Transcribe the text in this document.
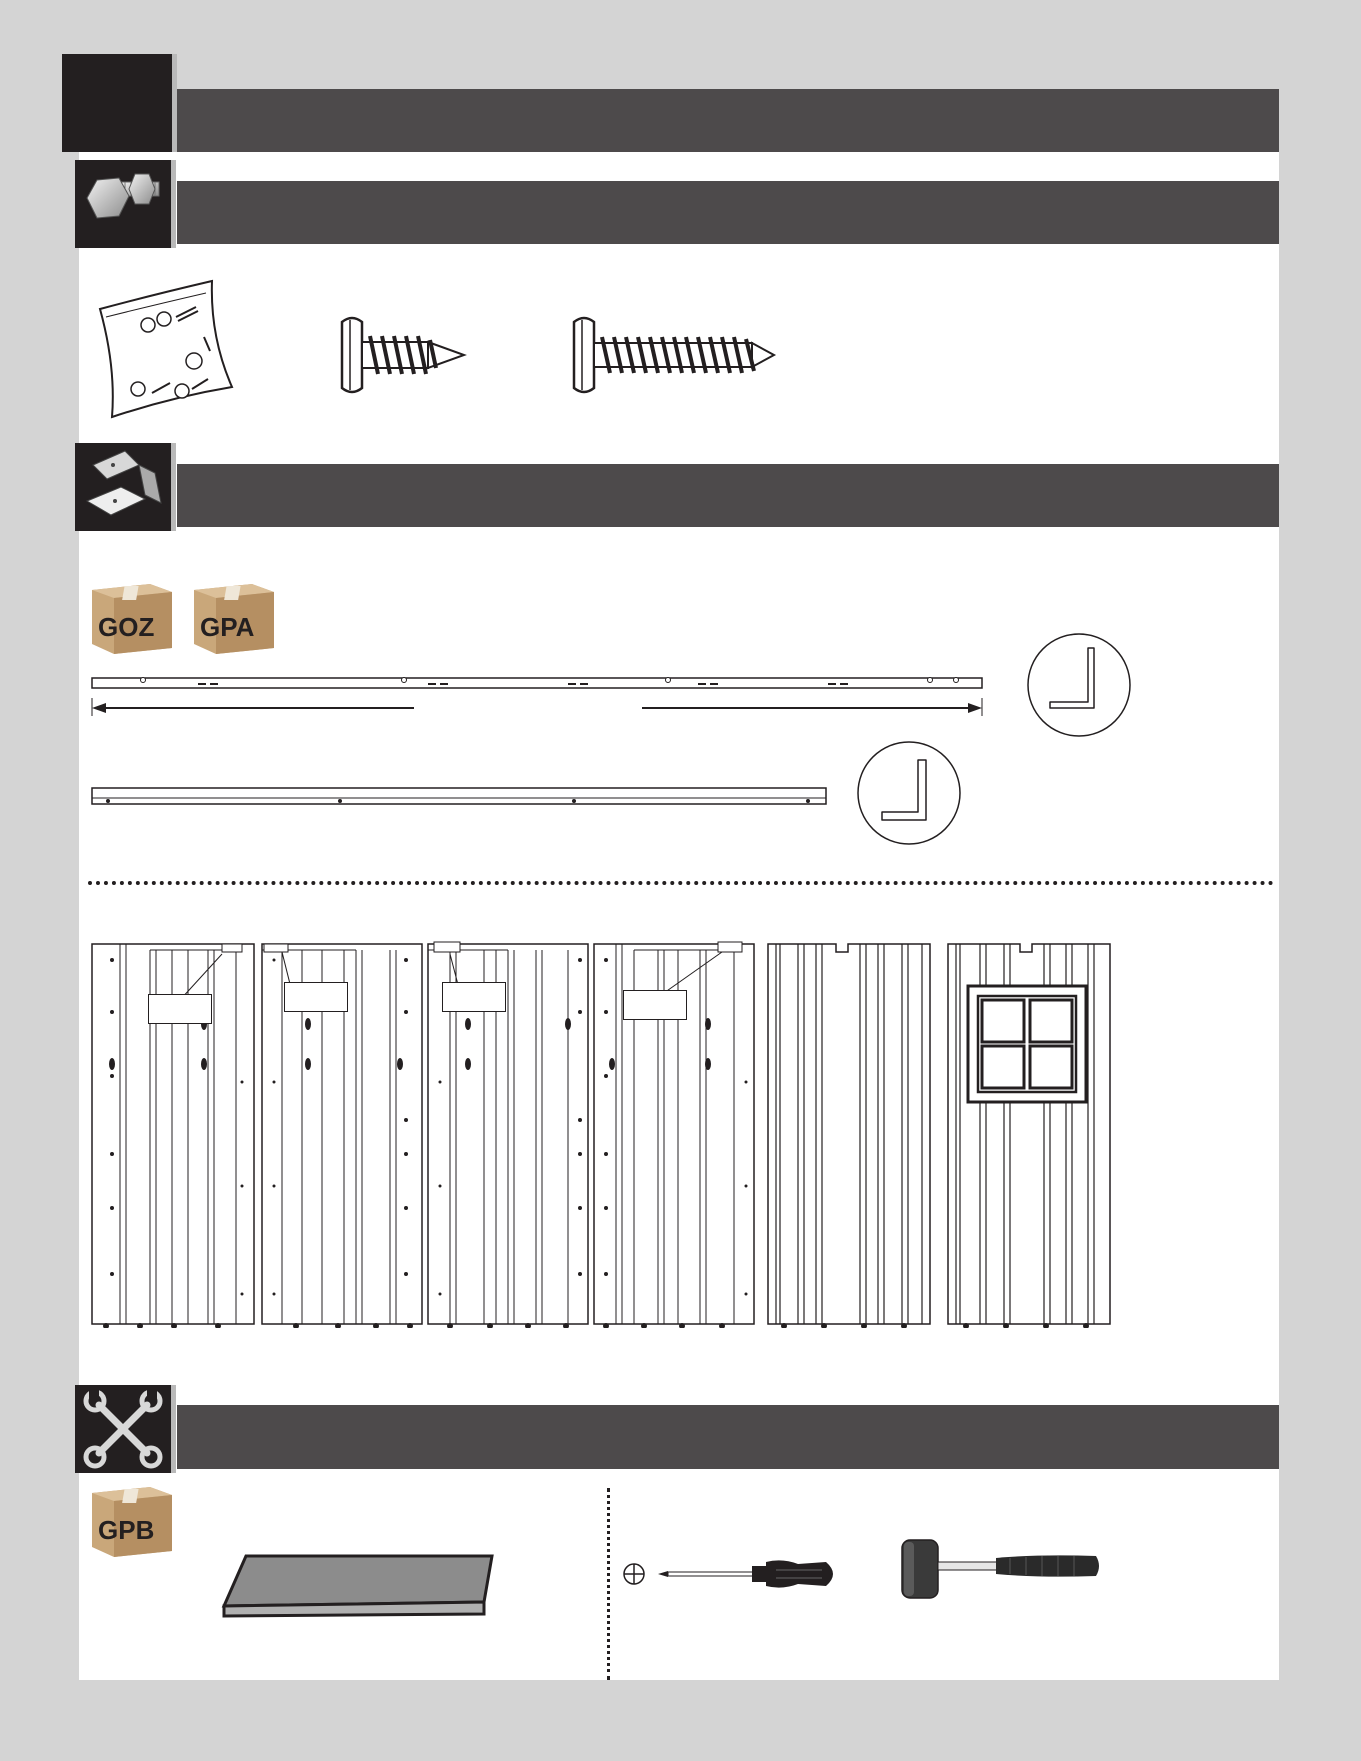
GOZ GPA
GPB
